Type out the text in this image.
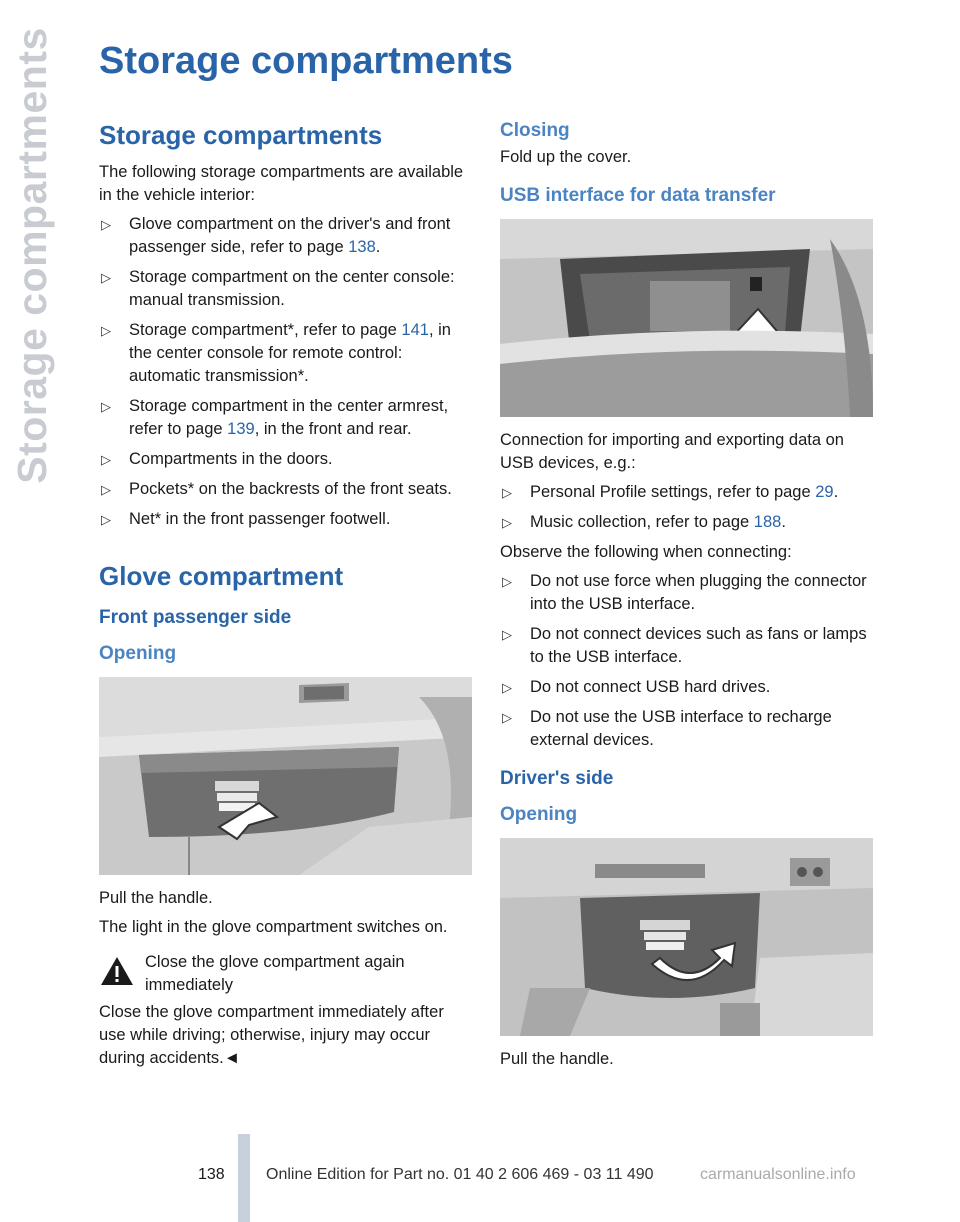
Storage compartments Storage compartments
Storage compartments

The following storage compartments are available in the vehicle interior:

▷ Glove compartment on the driver's and front passenger side, refer to page 138.
▷ Storage compartment on the center console: manual transmission.
▷ Storage compartment*, refer to page 141, in the center console for remote control: automatic transmission*.
▷ Storage compartment in the center armrest, refer to page 139, in the front and rear.
▷ Compartments in the doors.
▷ Pockets* on the backrests of the front seats.
▷ Net* in the front passenger footwell.
Glove compartment
Front passenger side
Opening

Pull the handle.

The light in the glove compartment switches on.

Close the glove compartment again immediately

Close the glove compartment immediately after use while driving; otherwise, injury may occur during accidents.◄

Closing

Fold up the cover.

USB interface for data transfer

Connection for importing and exporting data on USB devices, e.g.:

▷ Personal Profile settings, refer to page 29.
▷ Music collection, refer to page 188.

Observe the following when connecting:

▷ Do not use force when plugging the connector into the USB interface.
▷ Do not connect devices such as fans or lamps to the USB interface.
▷ Do not connect USB hard drives.
▷ Do not use the USB interface to recharge external devices.
Driver's side
Opening

Pull the handle.

138	Online Edition for Part no. 01 40 2 606 469 - 03 11 490	carmanualsonline.info
